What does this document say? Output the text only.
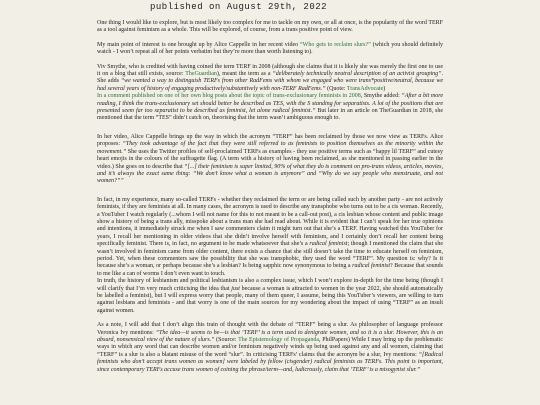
published on August 29th, 2022

One thing I would like to explore, but is most likely too complex for me to tackle on my own, or all at once, is the popularity of the word TERF as a tool against feminism as a whole. This will be explored, of course, from a trans positive point of view.

My main point of interest is one brought up by Alice Cappelle in her recent video “Who gets to reclaim slurs?” (which you should definitely watch - I won’t repeat all of her points verbatim but they’re more than worth listening to).

Viv Smythe, who is credited with having coined the term TERF in 2008 (although she claims that it is likely she was merely the first one to use it on a blog that still exists, source: TheGuardian), meant the term as a “deliberately technically neutral description of an activist grouping”. She adds “we wanted a way to distinguish TERFs from other RadFems with whom we engaged who were trans*positive/neutral, because we had several years of history of engaging productively/substantively with non-TERF RadFems.” (Quote: TransAdvocate)
In a comment published on one of her own blog posts about the topic of trans-exclusionary feminists in 2008, Smythe added: “After a bit more reading, I think the trans-exclusionary set should better be described as TES, with the S standing for separatists. A lot of the positions that are presented seem far too separatist to be described as feminist, let alone radical feminist.” But later in an article on TheGuardian in 2018, she mentioned that the term “TES” didn’t catch on, theorising that the term wasn’t ambiguous enough to.

In her video, Alice Cappelle brings up the way in which the acronym “TERF” has been reclaimed by those we now view as TERFs. Alice proposes: “They took advantage of the fact that they were still referred to as feminists to position themselves as the minority within the movement.” She uses the Twitter profiles of self-proclaimed TERFs as examples - they use positive terms such as “happy lil TERF” and cutesy heart emojis in the colours of the suffragette flag. (A term with a history of having been reclaimed, as she mentioned in passing earlier in the video.) She goes on to describe that “[...] their feminism is super limited, 90% of what they do is comment on pro-trans videos, articles, movies, and it’s always the exact same thing: “We don’t know what a woman is anymore” and “Why do we say people who menstruate, and not women?””

In fact, in my experience, many so-called TERFs - whether they reclaimed the term or are being called such by another party - are not actively feminists, if they are feminists at all. In many cases, the acronym is used to describe any transphobe who turns out to be a cis woman. Recently, a YouTuber I watch regularly (...whom I will not name for this to not meant to be a call-out post), a cis lesbian whose content and public image show a history of being a trans ally, misspoke about a trans man she had read about. While it is evident that I can’t speak for her true opinions and intentions, it immediately struck me when I saw commenters claim it might turn out that she’s a TERF. Having watched this YouTuber for years, I recall her mentioning in older videos that she didn’t involve herself with feminism, and I certainly don’t recall her content being specifically feminist. There is, in fact, no argument to be made whatsoever that she’s a radical feminist; though I mentioned the claim that she wasn’t involved in feminism came from older content, there exists a chance that she still doesn’t take the time to educate herself on feminism, period. Yet, when these commenters saw the possibility that she was transphobic, they used the word “TERF”. My question is: why? Is it because she’s a woman, or perhaps because she’s a lesbian? Is being sapphic now synonymous to being a radical feminist? Because that sounds to me like a can of worms I don’t even want to touch.
In truth, the history of lesbianism and political lesbianism is also a complex issue, which I won’t explore in-depth for the time being (though I will clarify that I’m very much criticising the idea that just because a woman is attracted to women in the year 2022, she should automatically be labelled a feminist), but I will express worry that people, many of them queer, I assume, being this YouTuber’s viewers, are willing to turn against lesbians and feminists - and that worry is one of the main sources for my wondering about the impact of using “TERF” as an insult against women.

As a note, I will add that I don’t align this train of thought with the debate of “TERF” being a slur. As philosopher of language professor Veronica Ivy mentions: “The idea—it seems to be—is that ‘TERF’ is a term used to denigrate women, and so it is a slur. However, this is an absurd, nonsensical view of the nature of slurs.” (Source: The Epistemology of Propaganda, PhilPapers) While I may bring up the problematic ways in which any word that can describe women and/or feminism negatively winds up being used against any and all women, claiming that “TERF” is a slur is also a blatant misuse of the word “slur”. In criticising TERFs’ claims that the acronym be a slur, Ivy mentions: “[Radical feminists who don’t accept trans women as women] were labeled by fellow (cisgender) radical feminists as TERFs. This point is important, since contemporary TERFs accuse trans women of coining the phrase/term—and, ludicrously, claim that ‘TERF’ is a misogynist slur.”
